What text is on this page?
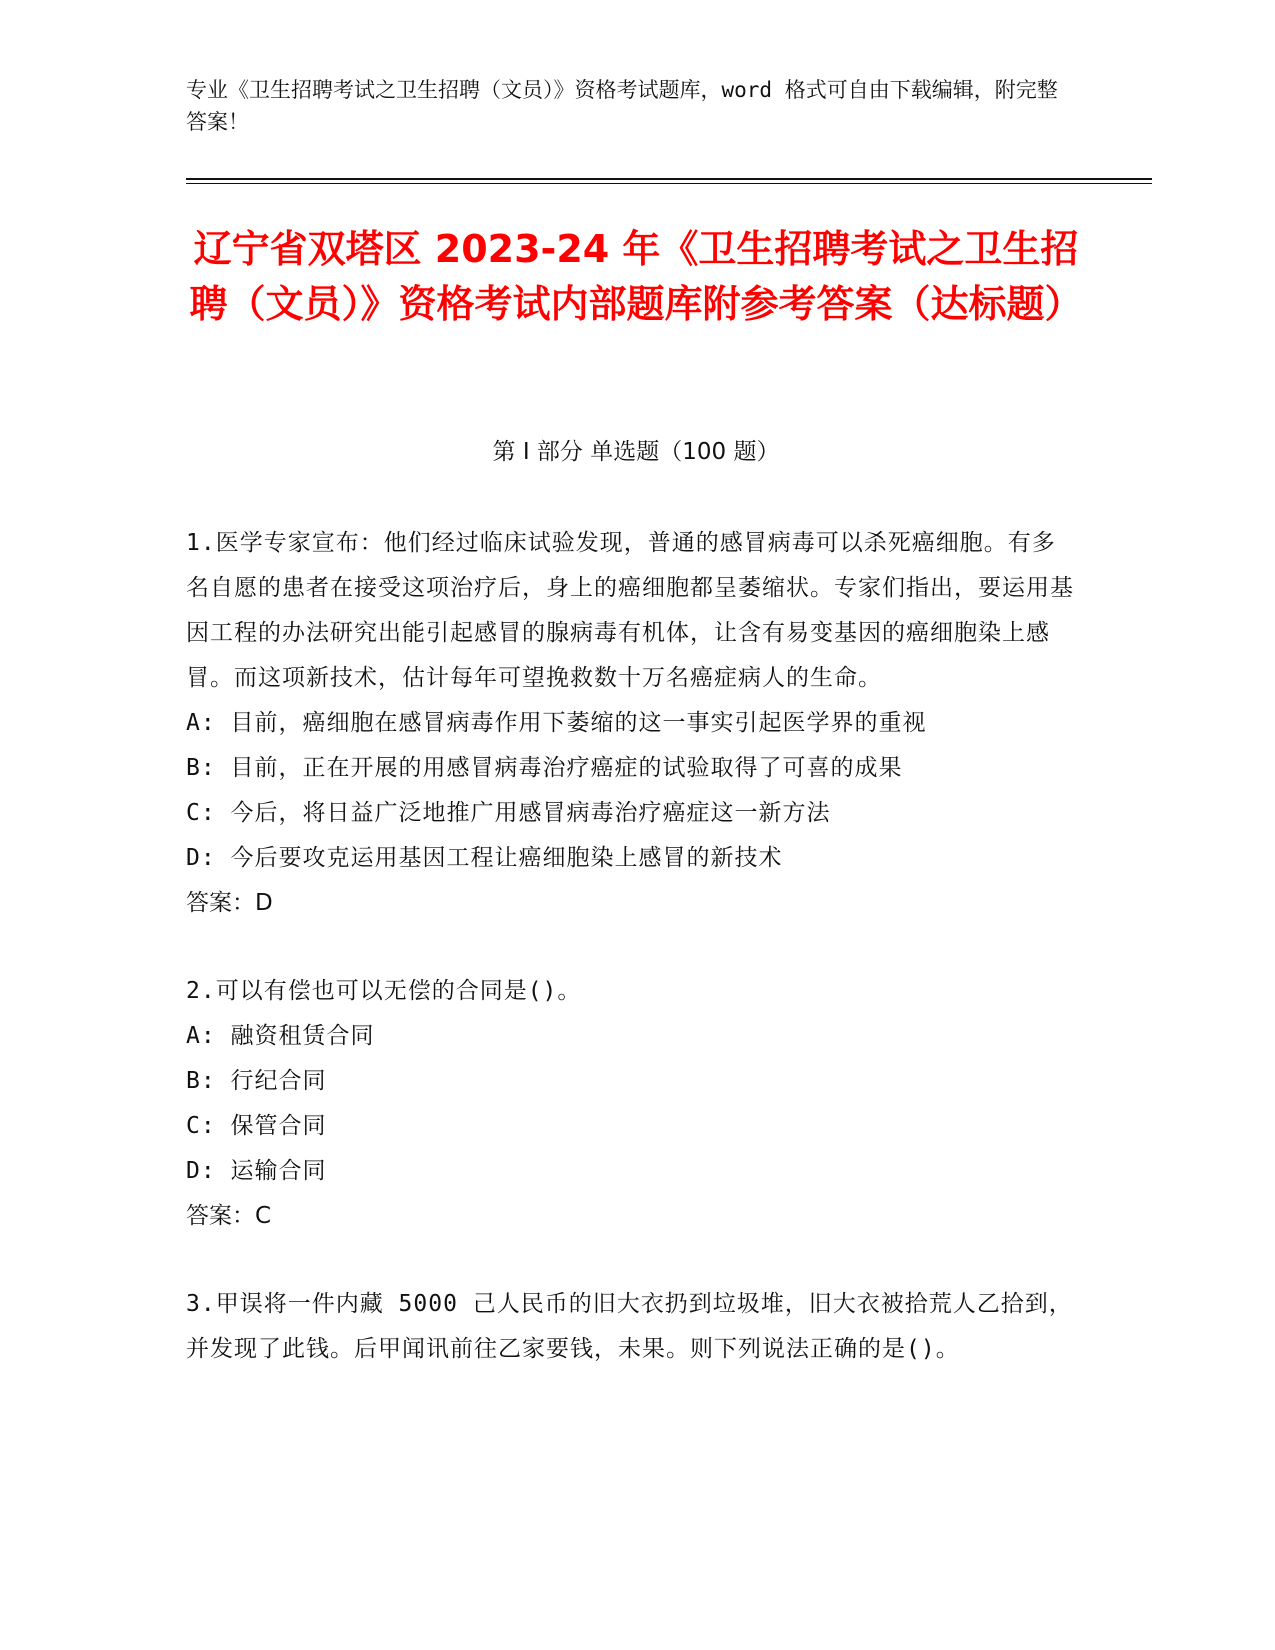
专业《卫生招聘考试之卫生招聘（文员）》资格考试题库，word 格式可自由下载编辑，附完整答案！
辽宁省双塔区 2023-24 年《卫生招聘考试之卫生招聘（文员）》资格考试内部题库附参考答案（达标题）
第 I 部分 单选题（100 题）
1.医学专家宣布：他们经过临床试验发现，普通的感冒病毒可以杀死癌细胞。有多名自愿的患者在接受这项治疗后，身上的癌细胞都呈萎缩状。专家们指出，要运用基因工程的办法研究出能引起感冒的腺病毒有机体，让含有易变基因的癌细胞染上感冒。而这项新技术，估计每年可望挽救数十万名癌症病人的生命。
A: 目前，癌细胞在感冒病毒作用下萎缩的这一事实引起医学界的重视
B: 目前，正在开展的用感冒病毒治疗癌症的试验取得了可喜的成果
C: 今后，将日益广泛地推广用感冒病毒治疗癌症这一新方法
D: 今后要攻克运用基因工程让癌细胞染上感冒的新技术
答案：D
2.可以有偿也可以无偿的合同是()。
A: 融资租赁合同
B: 行纪合同
C: 保管合同
D: 运输合同
答案：C
3.甲误将一件内藏 5000 己人民币的旧大衣扔到垃圾堆，旧大衣被拾荒人乙拾到，并发现了此钱。后甲闻讯前往乙家要钱，未果。则下列说法正确的是()。
